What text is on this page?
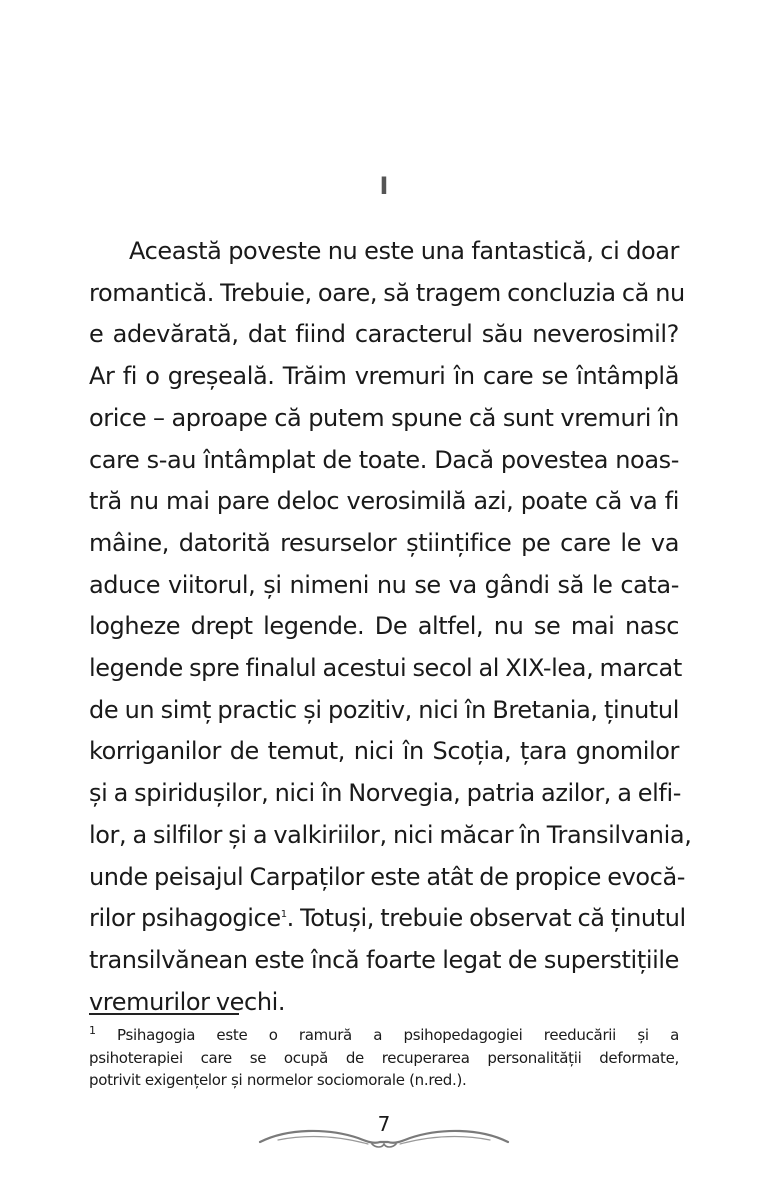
I
Această poveste nu este una fantastică, ci doar
romantică. Trebuie, oare, să tragem concluzia că nu
e adevărată, dat fiind caracterul său neverosimil?
Ar fi o greșeală. Trăim vremuri în care se întâmplă
orice – aproape că putem spune că sunt vremuri în
care s-au întâmplat de toate. Dacă povestea noas-
tră nu mai pare deloc verosimilă azi, poate că va fi
mâine, datorită resurselor științifice pe care le va
aduce viitorul, și nimeni nu se va gândi să le cata-
logheze drept legende. De altfel, nu se mai nasc
legende spre finalul acestui secol al XIX-lea, marcat
de un simț practic și pozitiv, nici în Bretania, ținutul
korriganilor de temut, nici în Scoția, țara gnomilor
și a spiridușilor, nici în Norvegia, patria azilor, a elfi-
lor, a silfilor și a valkiriilor, nici măcar în Transilvania,
unde peisajul Carpaților este atât de propice evocă-
rilor psihagogice$^1$. Totuși, trebuie observat că ținutul
transilvănean este încă foarte legat de superstițiile
vremurilor vechi.
$^1$ Psihagogia este o ramură a psihopedagogiei reeducării și a
psihoterapiei care se ocupă de recuperarea personalității deformate,
potrivit exigențelor și normelor sociomorale (n.red.).
7
